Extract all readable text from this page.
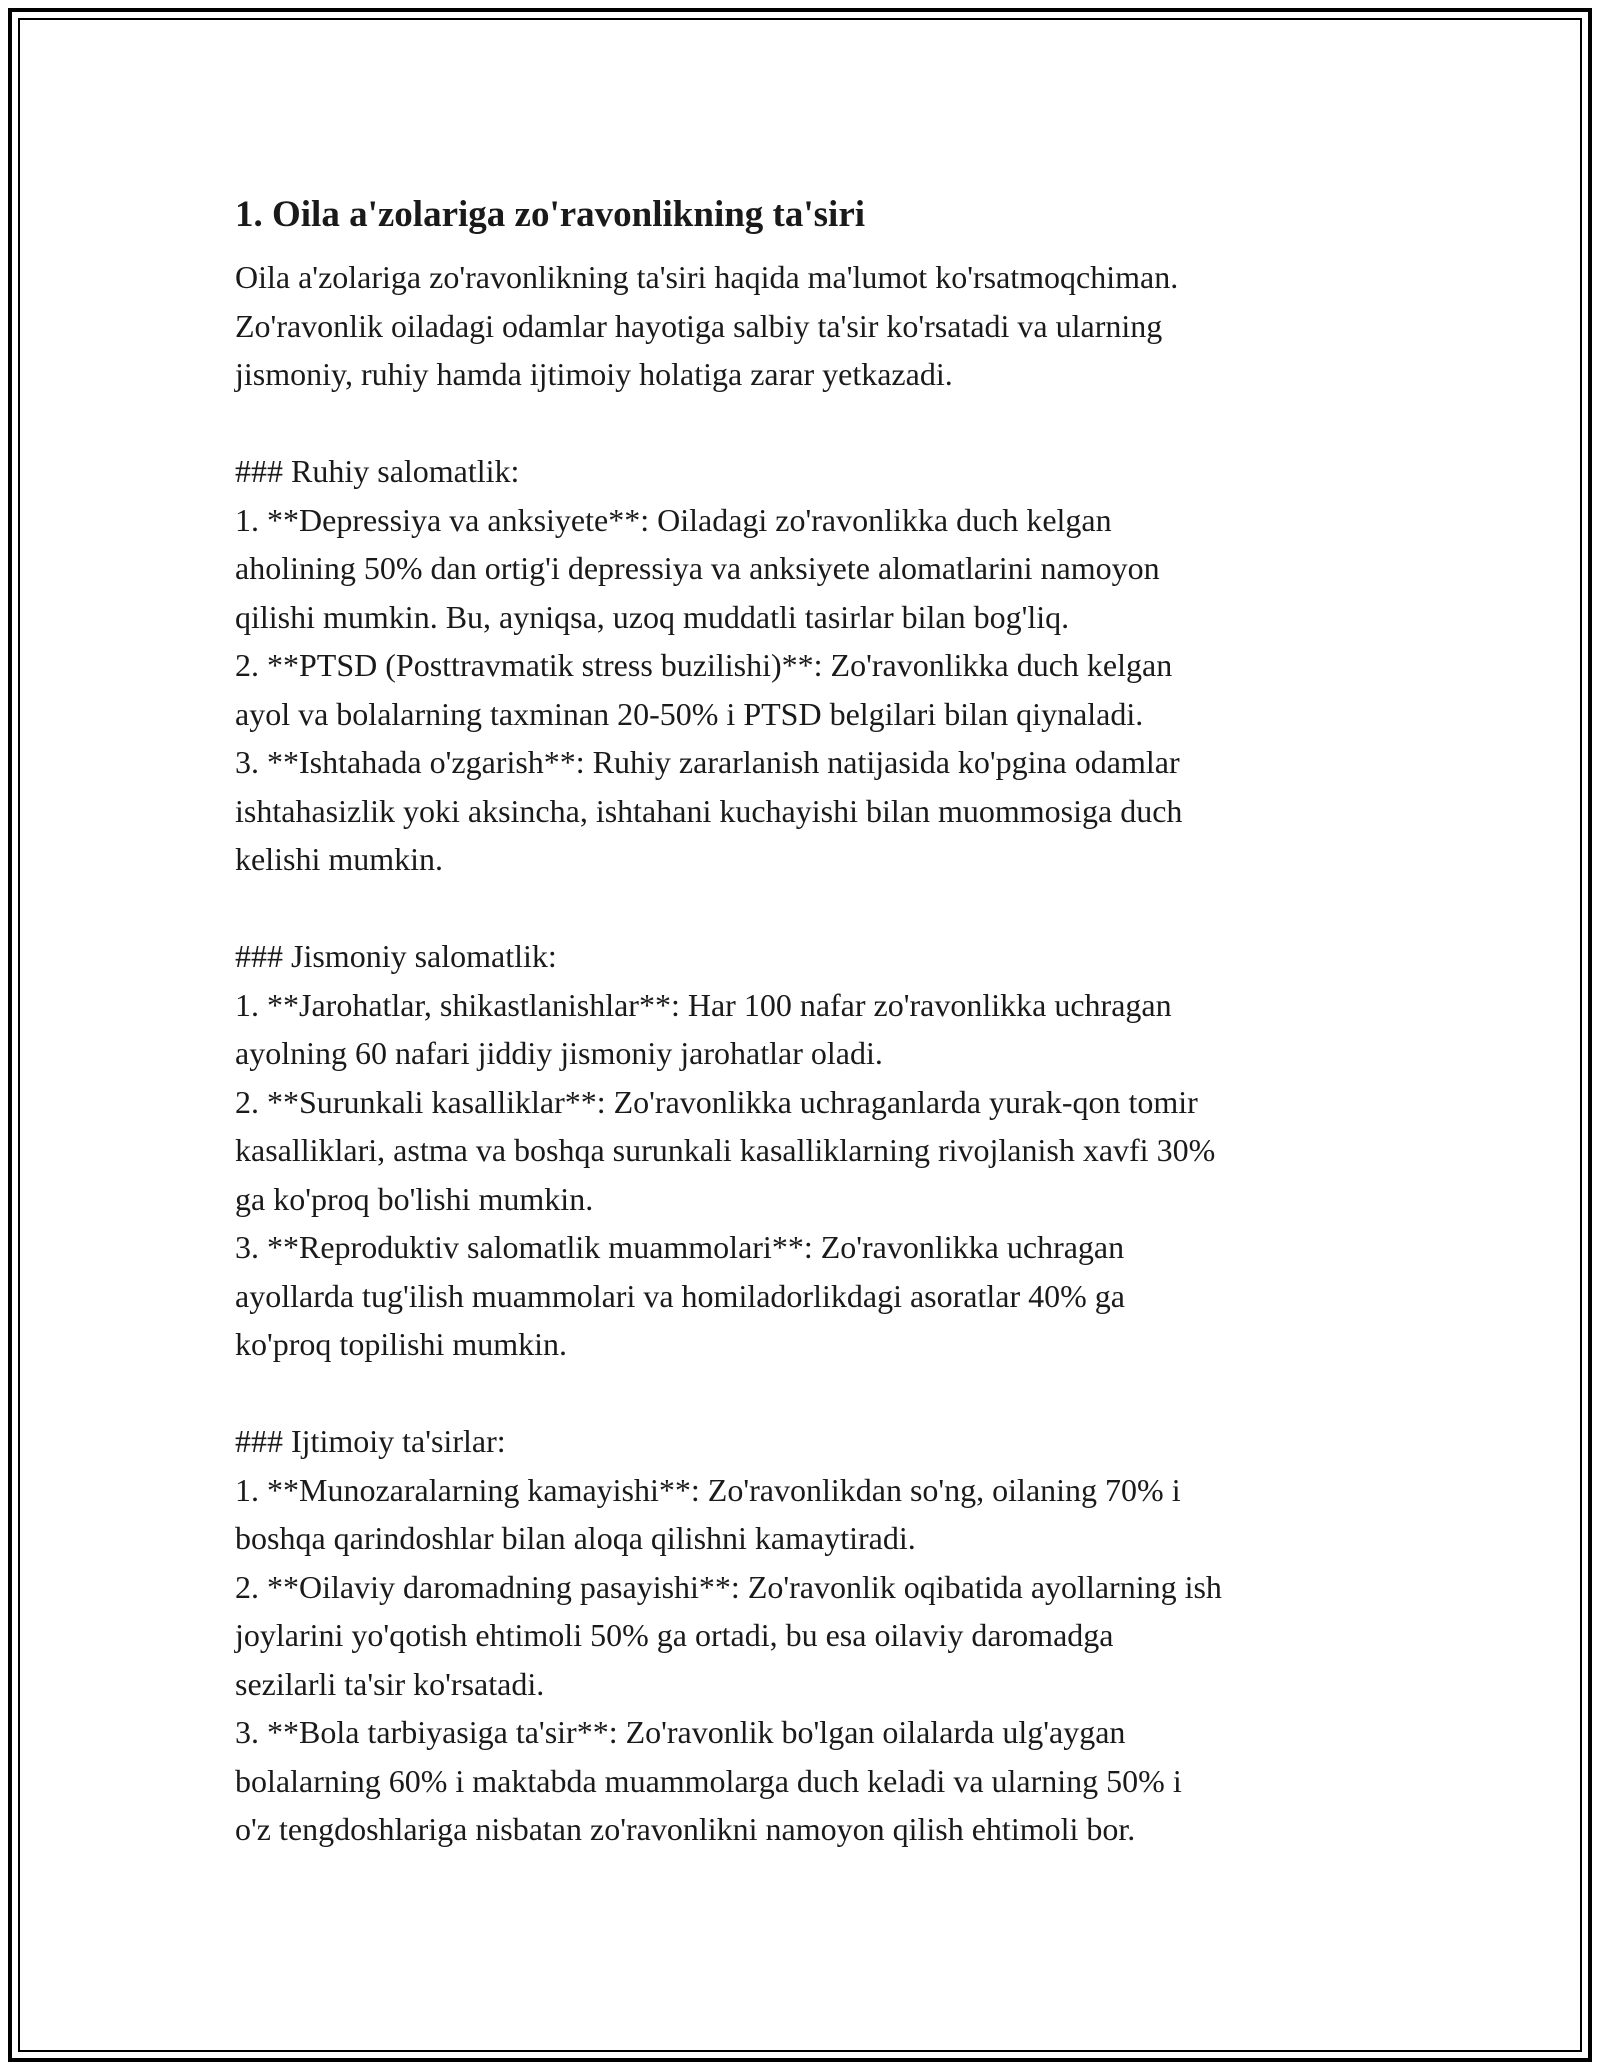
1. Oila a'zolariga zo'ravonlikning ta'siri

Oila a'zolariga zo'ravonlikning ta'siri haqida ma'lumot ko'rsatmoqchiman.
Zo'ravonlik oiladagi odamlar hayotiga salbiy ta'sir ko'rsatadi va ularning
jismoniy, ruhiy hamda ijtimoiy holatiga zarar yetkazadi.

### Ruhiy salomatlik:

1. **Depressiya va anksiyete**: Oiladagi zo'ravonlikka duch kelgan
aholining 50% dan ortig'i depressiya va anksiyete alomatlarini namoyon
qilishi mumkin. Bu, ayniqsa, uzoq muddatli tasirlar bilan bog'liq.

2. **PTSD (Posttravmatik stress buzilishi)**: Zo'ravonlikka duch kelgan
ayol va bolalarning taxminan 20-50% i PTSD belgilari bilan qiynaladi.

3. **Ishtahada o'zgarish**: Ruhiy zararlanish natijasida ko'pgina odamlar
ishtahasizlik yoki aksincha, ishtahani kuchayishi bilan muommosiga duch
kelishi mumkin.

### Jismoniy salomatlik:

1. **Jarohatlar, shikastlanishlar**: Har 100 nafar zo'ravonlikka uchragan
ayolning 60 nafari jiddiy jismoniy jarohatlar oladi.

2. **Surunkali kasalliklar**: Zo'ravonlikka uchraganlarda yurak-qon tomir
kasalliklari, astma va boshqa surunkali kasalliklarning rivojlanish xavfi 30%
ga ko'proq bo'lishi mumkin.

3. **Reproduktiv salomatlik muammolari**: Zo'ravonlikka uchragan
ayollarda tug'ilish muammolari va homiladorlikdagi asoratlar 40% ga
ko'proq topilishi mumkin.

### Ijtimoiy ta'sirlar:

1. **Munozaralarning kamayishi**: Zo'ravonlikdan so'ng, oilaning 70% i
boshqa qarindoshlar bilan aloqa qilishni kamaytiradi.

2. **Oilaviy daromadning pasayishi**: Zo'ravonlik oqibatida ayollarning ish
joylarini yo'qotish ehtimoli 50% ga ortadi, bu esa oilaviy daromadga
sezilarli ta'sir ko'rsatadi.

3. **Bola tarbiyasiga ta'sir**: Zo'ravonlik bo'lgan oilalarda ulg'aygan
bolalarning 60% i maktabda muammolarga duch keladi va ularning 50% i
o'z tengdoshlariga nisbatan zo'ravonlikni namoyon qilish ehtimoli bor.
